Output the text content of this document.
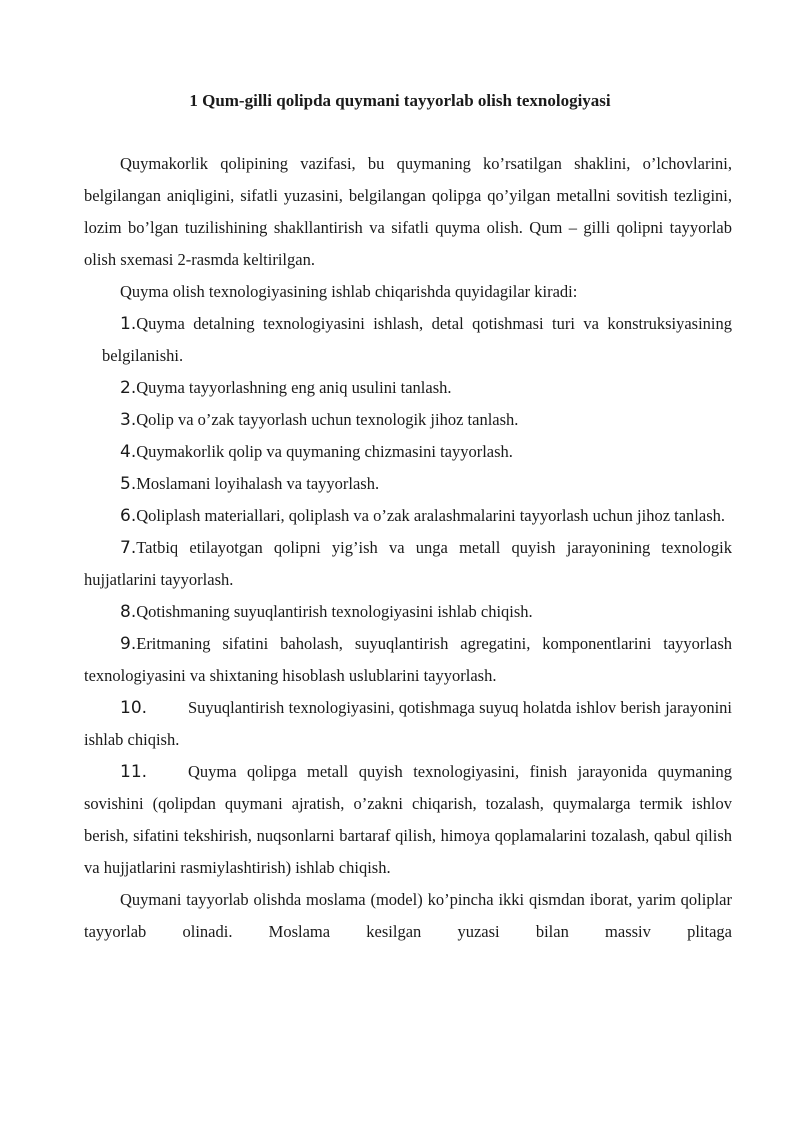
1 Qum-gilli qolipda quymani tayyorlab olish texnologiyasi

Quymakorlik qolipining vazifasi, bu quymaning ko’rsatilgan shaklini, o’lchovlarini, belgilangan aniqligini, sifatli yuzasini, belgilangan qolipga qo’yilgan metallni sovitish tezligini, lozim bo’lgan tuzilishining shakllantirish va sifatli quyma olish. Qum – gilli qolipni tayyorlab olish sxemasi 2-rasmda keltirilgan.

Quyma olish texnologiyasining ishlab chiqarishda quyidagilar kiradi:

1.Quyma detalning texnologiyasini ishlash, detal qotishmasi turi va konstruksiyasining belgilanishi.

2.Quyma tayyorlashning eng aniq usulini tanlash.

3.Qolip va o’zak tayyorlash uchun texnologik jihoz tanlash.

4.Quymakorlik qolip va quymaning chizmasini tayyorlash.

5.Moslamani loyihalash va tayyorlash.

6.Qoliplash materiallari, qoliplash va o’zak aralashmalarini tayyorlash uchun jihoz tanlash.

7.Tatbiq etilayotgan qolipni yig’ish va unga metall quyish jarayonining texnologik hujjatlarini tayyorlash.

8.Qotishmaning suyuqlantirish texnologiyasini ishlab chiqish.

9.Eritmaning sifatini baholash, suyuqlantirish agregatini, komponentlarini tayyorlash texnologiyasini va shixtaning hisoblash uslublarini tayyorlash.

10. Suyuqlantirish texnologiyasini, qotishmaga suyuq holatda ishlov berish jarayonini ishlab chiqish.

11. Quyma qolipga metall quyish texnologiyasini, finish jarayonida quymaning sovishini (qolipdan quymani ajratish, o’zakni chiqarish, tozalash, quymalarga termik ishlov berish, sifatini tekshirish, nuqsonlarni bartaraf qilish, himoya qoplamalarini tozalash, qabul qilish va hujjatlarini rasmiylashtirish) ishlab chiqish.

Quymani tayyorlab olishda moslama (model) ko’pincha ikki qismdan iborat, yarim qoliplar tayyorlab olinadi. Moslama kesilgan yuzasi bilan massiv plitaga
